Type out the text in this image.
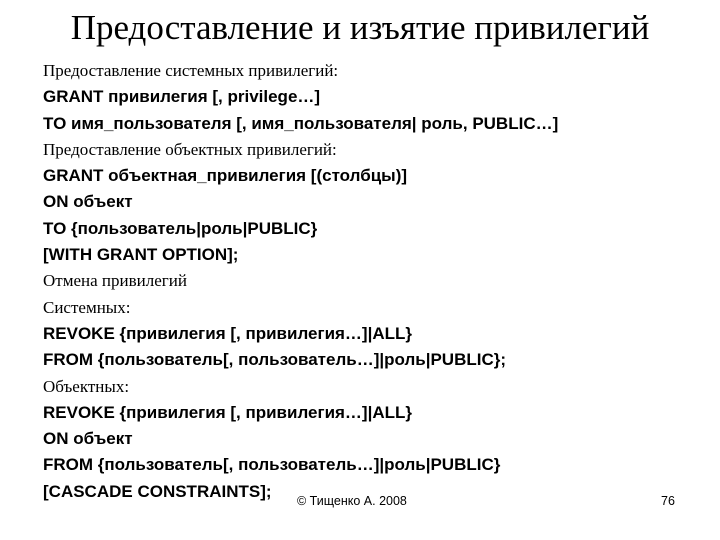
Предоставление и изъятие привилегий
Предоставление системных привилегий:
GRANT привилегия [, privilege…]
TO имя_пользователя [, имя_пользователя| роль, PUBLIC…]
Предоставление объектных привилегий:
GRANT объектная_привилегия [(столбцы)]
ON объект
TO {пользователь|роль|PUBLIC}
[WITH GRANT OPTION];
Отмена привилегий
Системных:
REVOKE {привилегия [, привилегия…]|ALL}
FROM {пользователь[, пользователь…]|роль|PUBLIC};
Объектных:
REVOKE {привилегия [, привилегия…]|ALL}
ON объект
FROM {пользователь[, пользователь…]|роль|PUBLIC}
[CASCADE CONSTRAINTS];
© Тищенко А. 2008	76
